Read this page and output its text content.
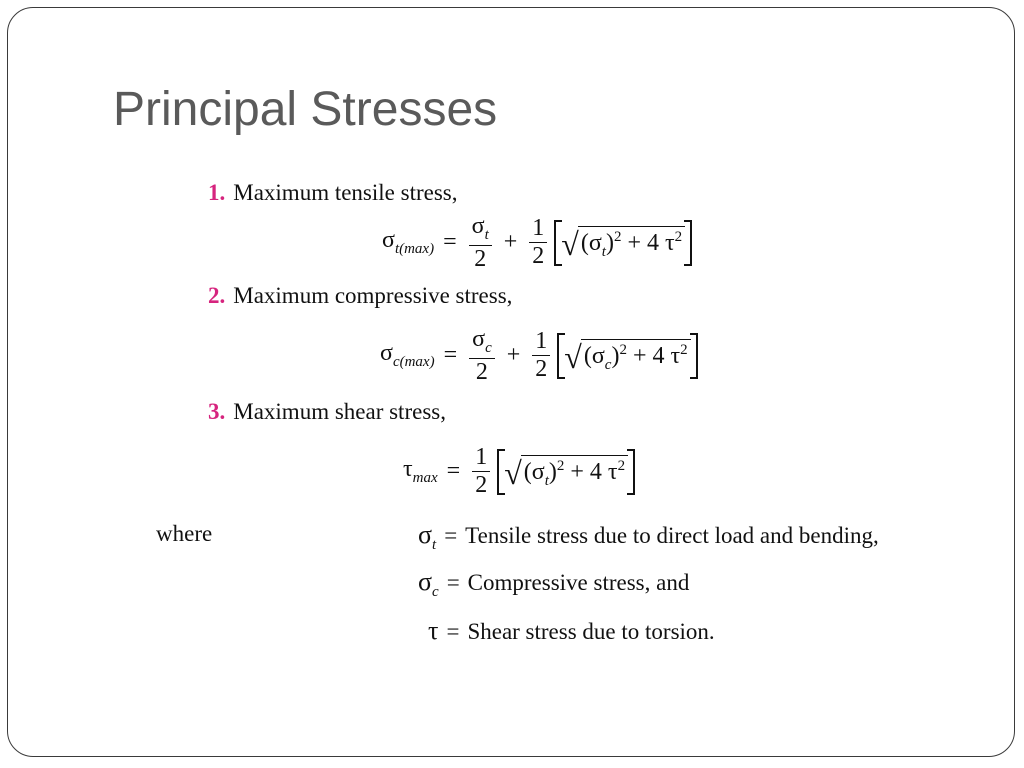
Principal Stresses
1. Maximum tensile stress,
$\sigma_{t(max)} = \frac{\sigma_t}{2} + \frac{1}{2}$ √ $(\sigma_t)^2 + 4$ $\tau^2$
2. Maximum compressive stress,
$\sigma_{c(max)} = \frac{\sigma_c}{2} + \frac{1}{2}$ √ $(\sigma_c)^2 + 4$ $\tau^2$
3. Maximum shear stress,
$\tau_{max} = \frac{1}{2}$ √ $(\sigma_t)^2 + 4$ $\tau^2$
where	$\sigma_t$ = Tensile stress due to direct load and bending,
$\sigma_c$ = Compressive stress, and
τ = Shear stress due to torsion.
